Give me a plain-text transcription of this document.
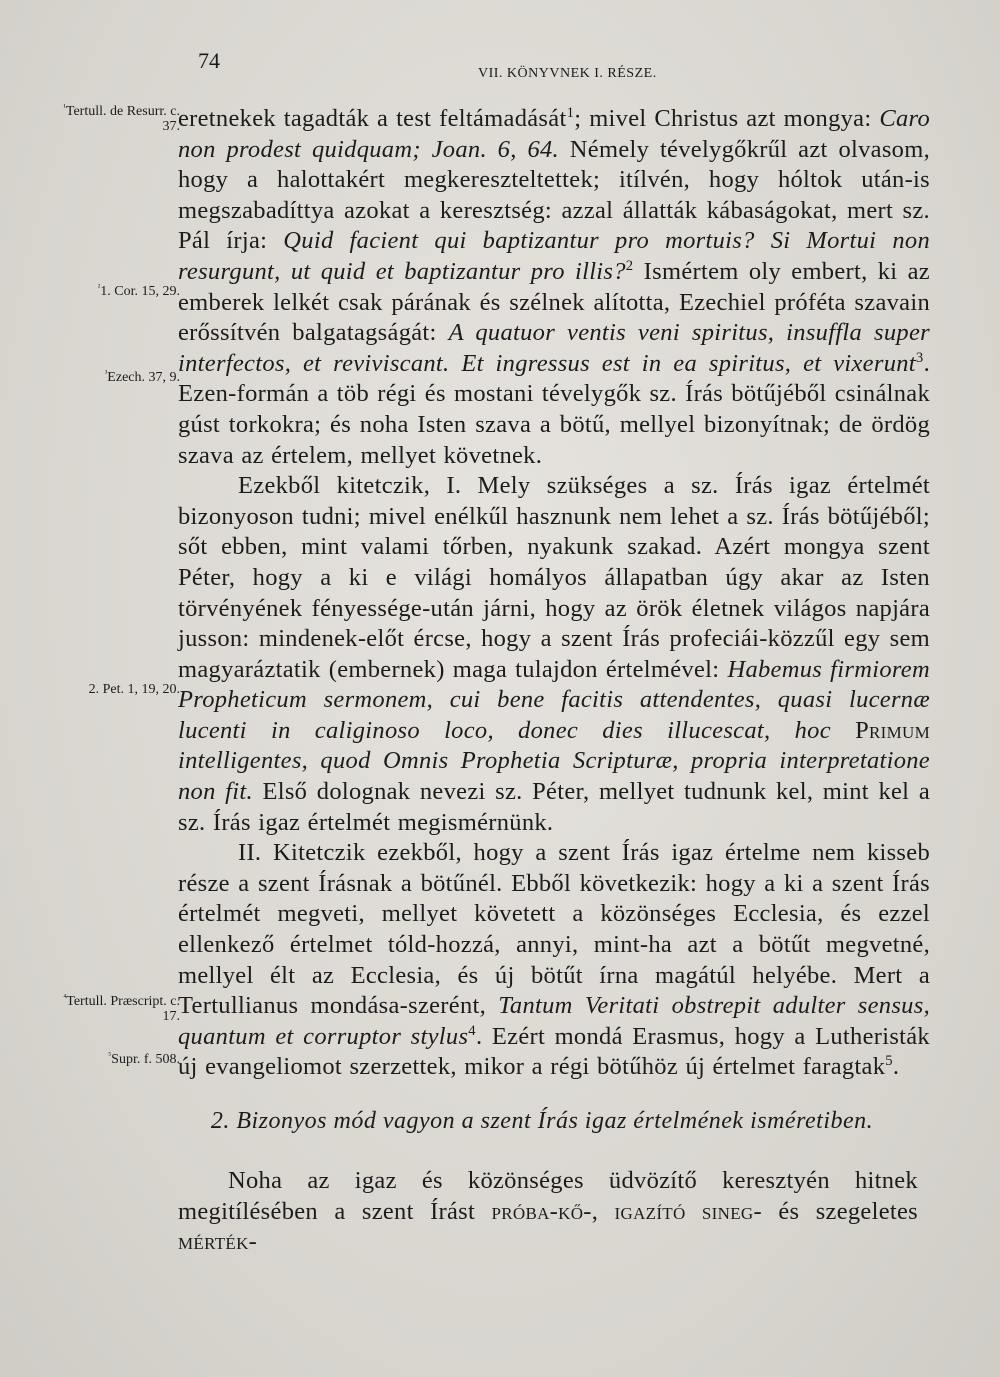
74
VII. KÖNYVNEK I. RÉSZE.
$^{^1}$Tertull. de Resurr. c. 37.
$^{^2}$1. Cor. 15, 29.
$^{^3}$Ezech. 37, 9.
2. Pet. 1, 19, 20.
$^{^4}$Tertull. Præscript. c. 17.
$^{^5}$Supr. f. 508.

eretnekek tagadták a test feltámadását$^1$; mivel Christus azt mongya: Caro non prodest quidquam; Joan. 6, 64. Némely tévelygőkrűl azt olvasom, hogy a halottakért megkereszteltettek; itílvén, hogy hóltok után-is megszabadíttya azokat a keresztség: azzal állatták kábaságokat, mert sz. Pál írja: Quid facient qui baptizantur pro mortuis? Si Mortui non resurgunt, ut quid et baptizantur pro illis?$^2$ Ismértem oly embert, ki az emberek lelkét csak párának és szélnek alította, Ezechiel próféta szavain erőssítvén balgatagságát: A quatuor ventis veni spiritus, insuffla super interfectos, et reviviscant. Et ingressus est in ea spiritus, et vixerunt$^3$. Ezen-formán a töb régi és mostani tévelygők sz. Írás bötűjéből csinálnak gúst torkokra; és noha Isten szava a bötű, mellyel bizonyítnak; de ördög szava az értelem, mellyet követnek.

Ezekből kitetczik, I. Mely szükséges a sz. Írás igaz értelmét bizonyoson tudni; mivel enélkűl hasznunk nem lehet a sz. Írás bötűjéből; sőt ebben, mint valami tőrben, nyakunk szakad. Azért mongya szent Péter, hogy a ki e világi homályos állapatban úgy akar az Isten törvényének fényessége-után járni, hogy az örök életnek világos napjára jusson: mindenek-előt ércse, hogy a szent Írás profeciái-közzűl egy sem magyaráztatik (embernek) maga tulajdon értelmével: Habemus firmiorem Propheticum sermonem, cui bene facitis attendentes, quasi lucernæ lucenti in caliginoso loco, donec dies illucescat, hoc Primum intelligentes, quod Omnis Prophetia Scripturæ, propria interpretatione non fit. Első dolognak nevezi sz. Péter, mellyet tudnunk kel, mint kel a sz. Írás igaz értelmét megismérnünk.

II. Kitetczik ezekből, hogy a szent Írás igaz értelme nem kisseb része a szent Írásnak a bötűnél. Ebből következik: hogy a ki a szent Írás értelmét megveti, mellyet követett a közönséges Ecclesia, és ezzel ellenkező értelmet tóld-hozzá, annyi, mint-ha azt a bötűt megvetné, mellyel élt az Ecclesia, és új bötűt írna magátúl helyébe. Mert a Tertullianus mondása-szerént, Tantum Veritati obstrepit adulter sensus, quantum et corruptor stylus$^4$. Ezért mondá Erasmus, hogy a Lutheristák új evangeliomot szerzettek, mikor a régi bötűhöz új értelmet faragtak$^5$.

2. Bizonyos mód vagyon a szent Írás igaz értelmének isméretiben.

Noha az igaz és közönséges üdvözítő keresztyén hitnek megitílésében a szent Írást próba-kő-, igazító sineg- és szegeletes mérték-
